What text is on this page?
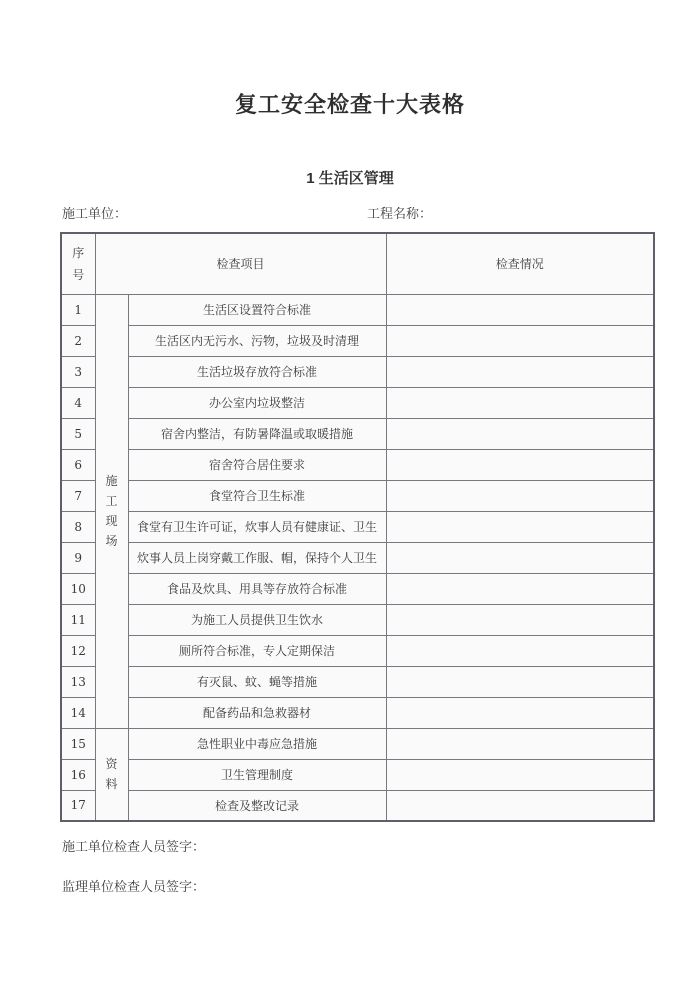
复工安全检查十大表格
1 生活区管理
施工单位：	工程名称：
序号	检查项目		检查情况
1	施工现场	生活区设置符合标准	
2		生活区内无污水、污物，垃圾及时清理	
3		生活垃圾存放符合标准	
4		办公室内垃圾整洁	
5		宿舍内整洁，有防暑降温或取暖措施	
6		宿舍符合居住要求	
7		食堂符合卫生标准	
8		食堂有卫生许可证，炊事人员有健康证、卫生	
9		炊事人员上岗穿戴工作服、帽，保持个人卫生	
10		食品及炊具、用具等存放符合标准	
11		为施工人员提供卫生饮水	
12		厕所符合标准，专人定期保洁	
13		有灭鼠、蚊、蝇等措施	
14		配备药品和急救器材	
15	资料	急性职业中毒应急措施	
16		卫生管理制度	
17		检查及整改记录	
施工单位检查人员签字：
监理单位检查人员签字：
